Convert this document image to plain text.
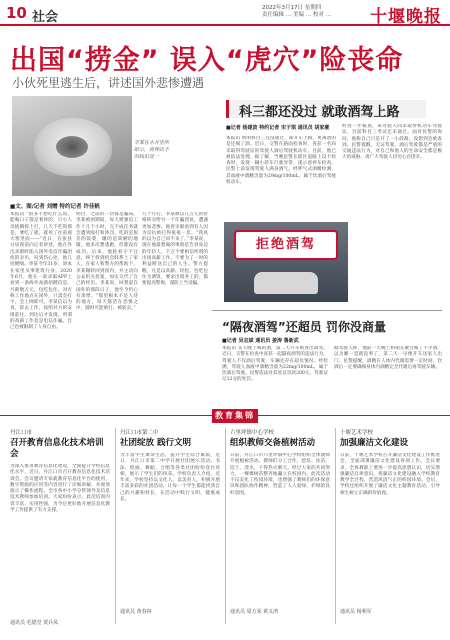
10 社会
2022年3月17日 星期四
责任编辑 … 美编 … 校对 …	十堰晚报
出国“捞金” 误入“虎穴”险丧命
小伙死里逃生后，讲述国外悲惨遭遇
李某在水井里所暗示，将伸出手的线伯显一
■文、图/记者 刘赠 特约记者 许佳帆
本报讯 “很多不想吃什么饭，能喝口子都是奢侈的，只小人员挑腾挥土打，几天不吃饭那是，要吃了就，就死了往前观大寒里面——”近日，在张县分居现前向记者讲述，他在外出求职时陷入国外电信诈骗团伙的亲历，说到伤心处，他几度哽咽。李某今年31岁，原本在家里从事建筑行业。2020年6月，他在一款求职APP上看到一条海外高薪招聘信息，月薪数万元，包吃包住。对方称工作地点在国外，只需会打字、会上网即可。李某信以为真，辞去工作，按照对方的安排前往。到达后才发现，所谓的高薪工作竟是电信诈骗，自己也被限制了人身自由。
明白，之前的一切都是骗局。李某被困期间，每天被强迫工作十几个小时，完不成任务就会遭到殴打和体罚，吃的是很差的饭菜，睡的是简陋的地铺。他多次想逃跑，但都没有成功。后来，他趁看守不注意，终于找到机会联系上了家人。在家人和警方的帮助下，李某辗转回到国内，并主动向公安机关投案，如实交代了自己的经历。李某说，回想起在国外的那段日子，他至今仍心有余悸。“那里根本不是人待的地方，每天都活在恐惧之中，随时可能被打、被转卖。”
几个月后，李某被以几万元的价格转卖给另一个诈骗团伙，遭遇更加悲惨。他曾亲眼看到有人因为反抗被打得奄奄一息。“我真的以为自己回不来了。”李某说，现在他最想做的事就是告诉身边的年轻人，千万不要相信所谓的出国高薪工作，不要为了一时的利益断送自己的人生。警方提醒，凡是以高薪、轻松、包吃包住为诱饵，要求出境务工的，都要提高警惕，谨防上当受骗。
科三都还没过 就敢酒驾上路
■记者 杨建波 特约记者 宋子琪 通讯员 胡家豪
本报讯 明明科目三还没通过，却开车上路，更离谱的是还喝了酒。近日，交警在路面检查时，查获一名尚未取得驾驶证的驾驶人酒后驾驶机动车，目前，他已被依法处理。据了解，当晚民警在辖区道路上设卡检查时，发现一辆小轿车行驶异常，遂示意停车检查。民警上前发现驾驶人满身酒气，经呼气式酒精检测，其血液中酒精含量为29mg/100mL，属于饮酒后驾驶机动车。
经进一步核查，该驾驶人尚未取得机动车驾驶证，目前科目三考试还未通过。面对民警的询问，他称自己只是开了一小段路，没想到会被查到。民警提醒，无证驾驶、酒后驾驶都是严重的交通违法行为，对自己和他人的生命安全都是极大的威胁，请广大驾驶人切勿心存侥幸。
拒绝酒驾
“隔夜酒驾”还超员 罚你没商量
■记者 吴志斌 通讯员 姜涛 鲁新武
本报讯 头天晚上喝的酒，第二天开车被查出酒驾。近日，交警在检查中查获一起隔夜酒驾的违法行为，驾驶人不仅酒后驾驶，车辆还存在超员情况。经检测，驾驶人血液中酒精含量为22mg/100mL，属于饮酒后驾驶。民警依法对其处以罚款200元、驾驶证记12分的处罚。
据驾驶人称，他前一天晚上和朋友聚会喝了不少酒，以为睡一觉就没事了，第二天一早便开车送家人出门。民警提醒，酒精在人体内代谢需要一定时间，饮酒后一定要确保身体内酒精完全代谢后再驾驶车辆。
教育集锦
丹江口市
召开教育信息化技术培训会
为深入推进教育信息化建设，全面提升学校信息化水平，近日，丹江口市召开教育信息化技术培训会。会议邀请专家就教育信息化平台的使用、数字资源的应用等内容进行了详细讲解，并现场演示了操作流程。全市各中小学分管领导及信息技术教师参加培训。大家纷纷表示，此次培训内容丰富、实用性强，为今后更好地开展信息化教学工作提供了有力支撑。
通讯员 毛德堂 贾兵凤
丹江口市第二中
社团绽放 践行文明
为丰富学生课余生活，提升学生综合素质，近日，丹江口市第二中学开展社团展示活动。书法、绘画、舞蹈、合唱等各类社团纷纷登台亮相，展示了学生们的风采。学校负责人介绍，近年来，学校坚持以文化人、以美育人，积极开展丰富多彩的社团活动，让每一个学生都能找到自己的兴趣和特长，在活动中践行文明、健康成长。
通讯员 黄春林
六里坪镇中心学校
组织教师交备植树活动
日前，丹江口市六里坪镇中心学校组织全体教师开展植树活动。教师们分工合作，挖坑、扶苗、培土、浇水，干得热火朝天。经过大家的共同努力，一棵棵树苗整齐地矗立在校园内。此次活动不仅美化了校园环境，也增强了教师们的环保意识和团队协作精神，营造了人人爱绿、护绿的良好氛围。
通讯员 周方荣 黄义鸿
十堰艺术学校
加强廉洁文化建设
日前，十堰艺术学校召开廉洁文化建设工作推进会，全面部署廉洁文化建设各项工作。会议要求，全体教职工要进一步提高思想认识，切实增强廉洁自律意识，将廉洁文化建设融入学校教育教学全过程，营造风清气正的校园环境。会后，学校还组织开展了廉洁文化主题教育活动，引导师生树立正确的价值观。
通讯员 杨利军
